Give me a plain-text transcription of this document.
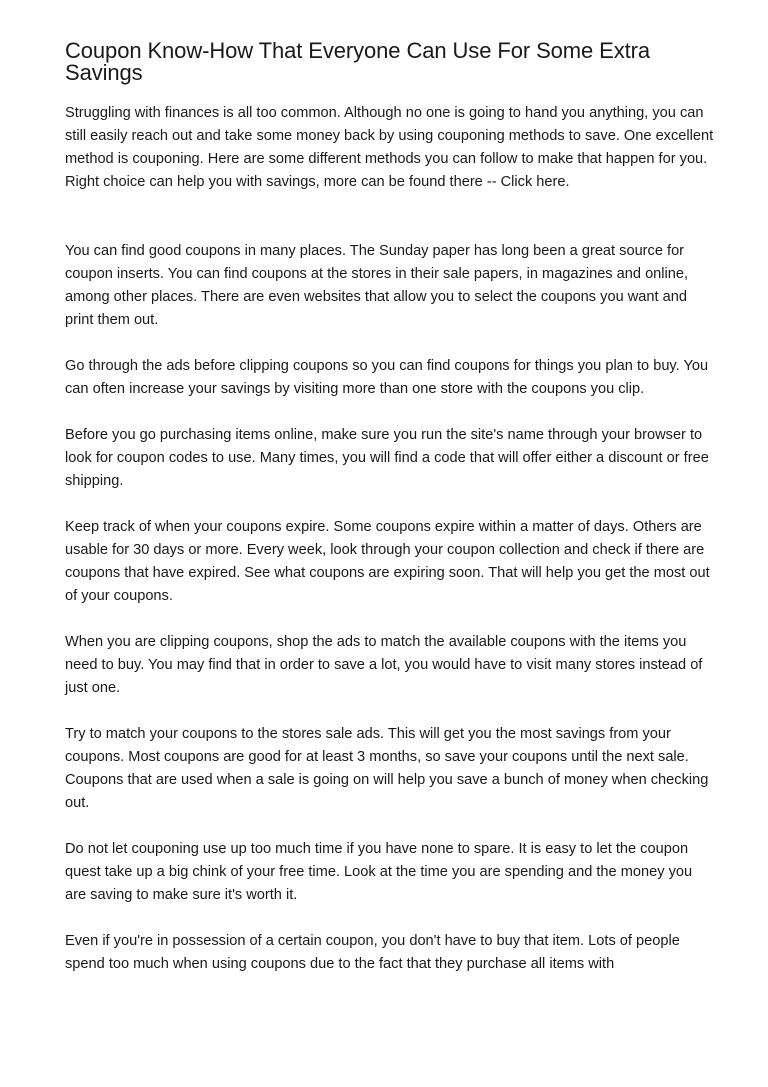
Coupon Know-How That Everyone Can Use For Some Extra Savings

Struggling with finances is all too common. Although no one is going to hand you anything, you can still easily reach out and take some money back by using couponing methods to save. One excellent method is couponing. Here are some different methods you can follow to make that happen for you. Right choice can help you with savings, more can be found there -- Click here.

You can find good coupons in many places. The Sunday paper has long been a great source for coupon inserts. You can find coupons at the stores in their sale papers, in magazines and online, among other places. There are even websites that allow you to select the coupons you want and print them out.

Go through the ads before clipping coupons so you can find coupons for things you plan to buy. You can often increase your savings by visiting more than one store with the coupons you clip.

Before you go purchasing items online, make sure you run the site's name through your browser to look for coupon codes to use. Many times, you will find a code that will offer either a discount or free shipping.

Keep track of when your coupons expire. Some coupons expire within a matter of days. Others are usable for 30 days or more. Every week, look through your coupon collection and check if there are coupons that have expired. See what coupons are expiring soon. That will help you get the most out of your coupons.

When you are clipping coupons, shop the ads to match the available coupons with the items you need to buy. You may find that in order to save a lot, you would have to visit many stores instead of just one.

Try to match your coupons to the stores sale ads. This will get you the most savings from your coupons. Most coupons are good for at least 3 months, so save your coupons until the next sale. Coupons that are used when a sale is going on will help you save a bunch of money when checking out.

Do not let couponing use up too much time if you have none to spare. It is easy to let the coupon quest take up a big chink of your free time. Look at the time you are spending and the money you are saving to make sure it's worth it.

Even if you're in possession of a certain coupon, you don't have to buy that item. Lots of people spend too much when using coupons due to the fact that they purchase all items with
